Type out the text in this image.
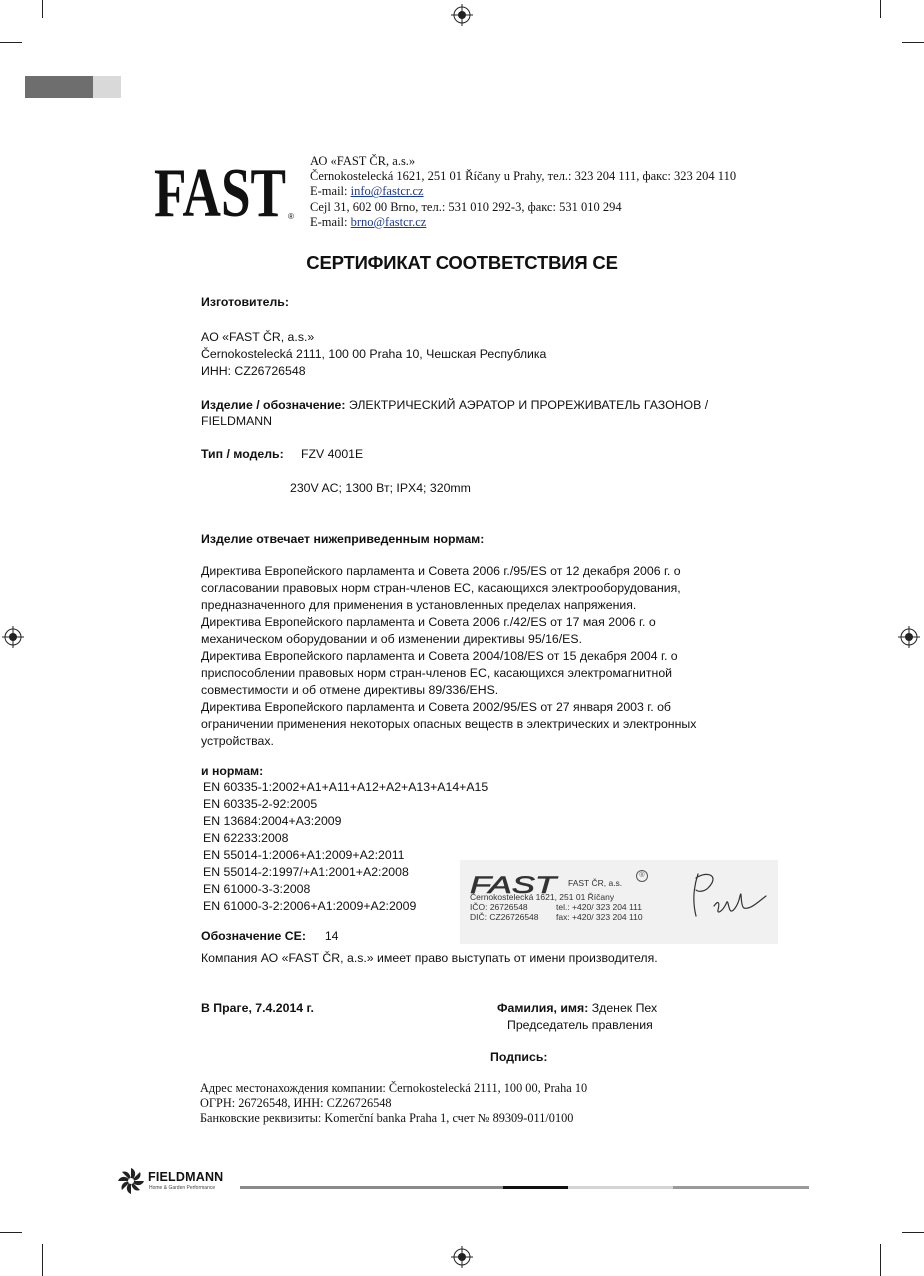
FAST ®
АО «FAST ČR, a.s.»
Černokostelecká 1621, 251 01 Říčany u Prahy, тел.: 323 204 111, факс: 323 204 110
E-mail: info@fastcr.cz
Cejl 31, 602 00 Brno, тел.: 531 010 292-3, факс: 531 010 294
E-mail: brno@fastcr.cz
СЕРТИФИКАТ СООТВЕТСТВИЯ CE
Изготовитель:
AO «FAST ČR, a.s.»
Černokostelecká 2111, 100 00 Praha 10, Чешская Республика
ИНН: CZ26726548
Изделие / обозначение: ЭЛЕКТРИЧЕСКИЙ АЭРАТОР И ПРОРЕЖИВАТЕЛЬ ГАЗОНОВ /
FIELDMANN
Тип / модель: FZV 4001E
230V AC; 1300 Вт; IPX4; 320mm
Изделие отвечает нижеприведенным нормам:
Директива Европейского парламента и Совета 2006 г./95/ES от 12 декабря 2006 г. о
согласовании правовых норм стран-членов ЕС, касающихся электрооборудования,
предназначенного для применения в установленных пределах напряжения.
Директива Европейского парламента и Совета 2006 г./42/ES от 17 мая 2006 г. о
механическом оборудовании и об изменении директивы 95/16/ES.
Директива Европейского парламента и Совета 2004/108/ES от 15 декабря 2004 г. о
приспособлении правовых норм стран-членов ЕС, касающихся электромагнитной
совместимости и об отмене директивы 89/336/EHS.
Директива Европейского парламента и Совета 2002/95/ES от 27 января 2003 г. об
ограничении применения некоторых опасных веществ в электрических и электронных
устройствах.
и нормам:
EN 60335-1:2002+A1+A11+A12+A2+A13+A14+A15
EN 60335-2-92:2005
EN 13684:2004+A3:2009
EN 62233:2008
EN 55014-1:2006+A1:2009+A2:2011
EN 55014-2:1997/+A1:2001+A2:2008
EN 61000-3-3:2008
EN 61000-3-2:2006+A1:2009+A2:2009
FAST FAST ČR, a.s.
®
Černokostelecká 1621, 251 01 Říčany
IČO: 26726548
DIČ: CZ26726548
tel.: +420/ 323 204 111
fax: +420/ 323 204 110
Обозначение CE: 14
Компания АО «FAST ČR, a.s.» имеет право выступать от имени производителя.
В Праге, 7.4.2014 г.	Фамилия, имя: Зденек Пех
Председатель правления
Подпись:
Адрес местонахождения компании: Černokostelecká 2111, 100 00, Praha 10
ОГРН: 26726548, ИНН: CZ26726548
Банковские реквизиты: Komerční banka Praha 1, счет № 89309-011/0100
FIELDMANN
Home & Garden Performance
